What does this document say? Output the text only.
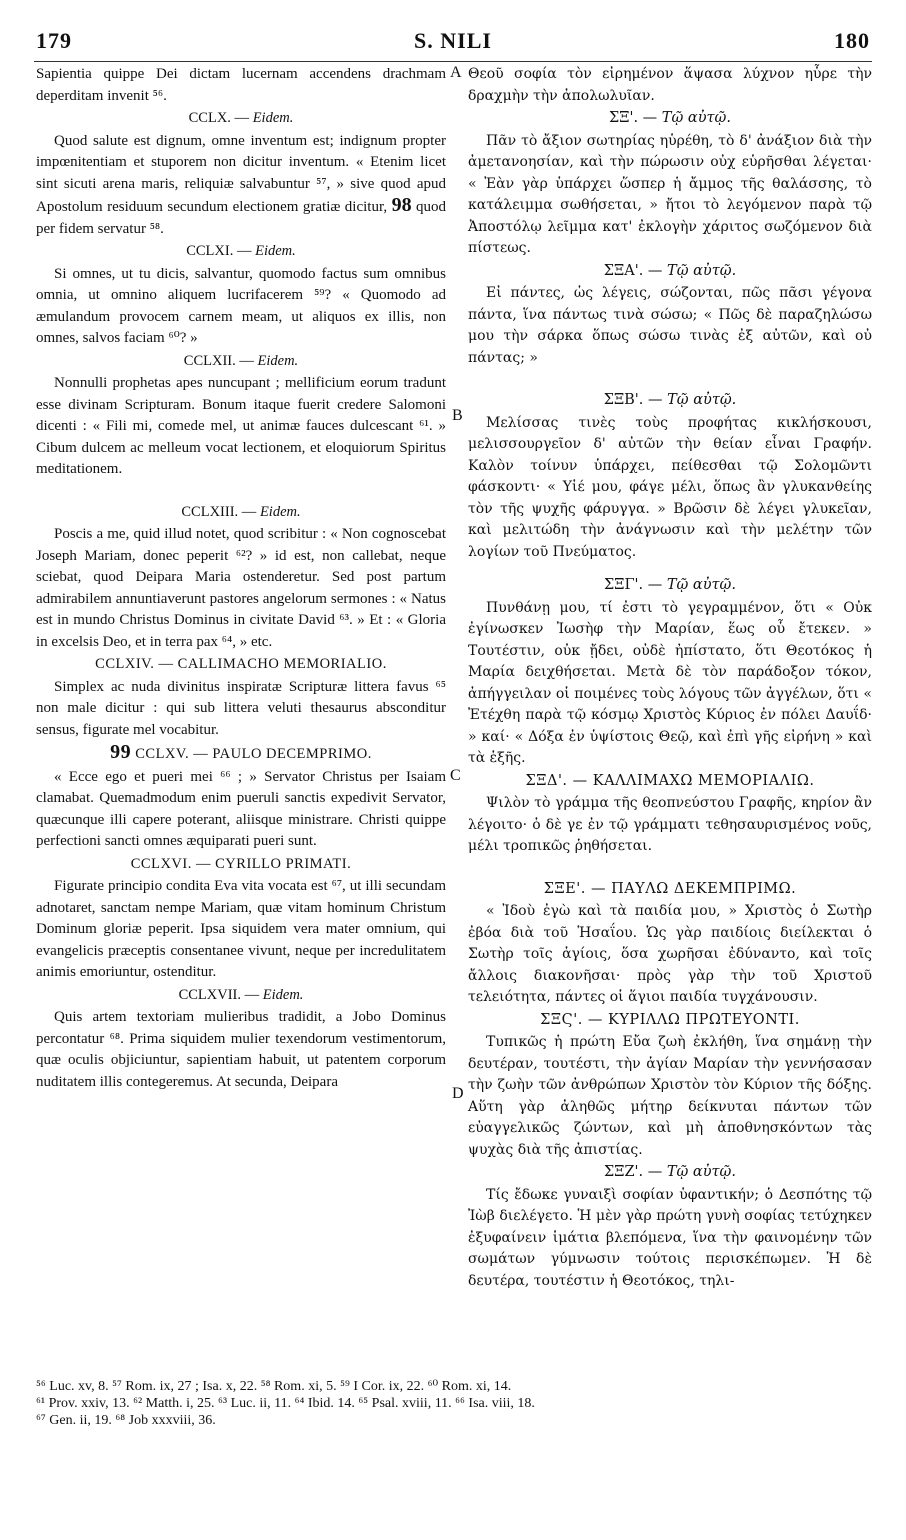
179	S. NILI	180

Sapientia quippe Dei dictam lucernam accendens drachmam deperditam invenit ⁵⁶.

CCLX. — Eidem.

Quod salute est dignum, omne inventum est; indignum propter impœnitentiam et stuporem non dicitur inventum. « Etenim licet sint sicuti arena maris, reliquiæ salvabuntur ⁵⁷, » sive quod apud Apostolum residuum secundum electionem gratiæ dicitur, 98 quod per fidem servatur ⁵⁸.

CCLXI. — Eidem.

Si omnes, ut tu dicis, salvantur, quomodo factus sum omnibus omnia, ut omnino aliquem lucrifacerem ⁵⁹? « Quomodo ad æmulandum provocem carnem meam, ut aliquos ex illis, non omnes, salvos faciam ⁶⁰? »

CCLXII. — Eidem.

Nonnulli prophetas apes nuncupant ; mellificium eorum tradunt esse divinam Scripturam. Bonum itaque fuerit credere Salomoni dicenti : « Fili mi, comede mel, ut animæ fauces dulcescant ⁶¹. » Cibum dulcem ac melleum vocat lectionem, et eloquiorum Spiritus meditationem.

CCLXIII. — Eidem.

Poscis a me, quid illud notet, quod scribitur : « Non cognoscebat Joseph Mariam, donec peperit ⁶²? » id est, non callebat, neque sciebat, quod Deipara Maria ostenderetur. Sed post partum admirabilem annuntiaverunt pastores angelorum sermones : « Natus est in mundo Christus Dominus in civitate David ⁶³. » Et : « Gloria in excelsis Deo, et in terra pax ⁶⁴, » etc.

CCLXIV. — CALLIMACHO MEMORIALIO.

Simplex ac nuda divinitus inspiratæ Scripturæ littera favus ⁶⁵ non male dicitur : qui sub littera veluti thesaurus absconditur sensus, figurate mel vocabitur.

99 CCLXV. — PAULO DECEMPRIMO.

« Ecce ego et pueri mei ⁶⁶ ; » Servator Christus per Isaiam clamabat. Quemadmodum enim pueruli sanctis expedivit Servator, quæcunque illi capere poterant, aliisque ministrare. Christi quippe perfectioni sancti omnes æquiparati pueri sunt.

CCLXVI. — CYRILLO PRIMATI.

Figurate principio condita Eva vita vocata est ⁶⁷, ut illi secundam adnotaret, sanctam nempe Mariam, quæ vitam hominum Christum Dominum gloriæ peperit. Ipsa siquidem vera mater omnium, qui evangelicis præceptis consentanee vivunt, neque per incredulitatem animis emoriuntur, ostenditur.

CCLXVII. — Eidem.

Quis artem textoriam mulieribus tradidit, a Jobo Dominus percontatur ⁶⁸. Prima siquidem mulier texendorum vestimentorum, quæ oculis objiciuntur, sapientiam habuit, ut patentem corporum nuditatem illis contegeremus. At secunda, Deipara

Θεοῦ σοφία τὸν εἰρημένον ἅψασα λύχνον ηὗρε τὴν δραχμὴν τὴν ἀπολωλυῖαν.

ΣΞ'. — Τῷ αὐτῷ.

Πᾶν τὸ ἄξιον σωτηρίας ηὑρέθη, τὸ δ' ἀνάξιον διὰ τὴν ἀμετανοησίαν, καὶ τὴν πώρωσιν οὐχ εὑρῆσθαι λέγεται· « Ἐὰν γὰρ ὑπάρχει ὥσπερ ἡ ἄμμος τῆς θαλάσσης, τὸ κατάλειμμα σωθήσεται, » ἤτοι τὸ λεγόμενον παρὰ τῷ Ἀποστόλῳ λεῖμμα κατ' ἐκλογὴν χάριτος σωζόμενον διὰ πίστεως.

ΣΞΑ'. — Τῷ αὐτῷ.

Εἰ πάντες, ὡς λέγεις, σώζονται, πῶς πᾶσι γέγονα πάντα, ἵνα πάντως τινὰ σώσω; « Πῶς δὲ παραζηλώσω μου τὴν σάρκα ὅπως σώσω τινὰς ἐξ αὐτῶν, καὶ οὐ πάντας; »

ΣΞΒ'. — Τῷ αὐτῷ.

Μελίσσας τινὲς τοὺς προφήτας κικλήσκουσι, μελισσουργεῖον δ' αὐτῶν τὴν θείαν εἶναι Γραφήν. Καλὸν τοίνυν ὑπάρχει, πείθεσθαι τῷ Σολομῶντι φάσκοντι· « Υἱέ μου, φάγε μέλι, ὅπως ἂν γλυκανθείης τὸν τῆς ψυχῆς φάρυγγα. » Βρῶσιν δὲ λέγει γλυκεῖαν, καὶ μελιτώδη τὴν ἀνάγνωσιν καὶ τὴν μελέτην τῶν λογίων τοῦ Πνεύματος.

ΣΞΓ'. — Τῷ αὐτῷ.

Πυνθάνῃ μου, τί ἐστι τὸ γεγραμμένον, ὅτι « Οὐκ ἐγίνωσκεν Ἰωσὴφ τὴν Μαρίαν, ἕως οὗ ἔτεκεν. » Τουτέστιν, οὐκ ᾔδει, οὐδὲ ἠπίστατο, ὅτι Θεοτόκος ἡ Μαρία δειχθήσεται. Μετὰ δὲ τὸν παράδοξον τόκον, ἀπήγγειλαν οἱ ποιμένες τοὺς λόγους τῶν ἀγγέλων, ὅτι « Ἐτέχθη παρὰ τῷ κόσμῳ Χριστὸς Κύριος ἐν πόλει Δαυΐδ· » καί· « Δόξα ἐν ὑψίστοις Θεῷ, καὶ ἐπὶ γῆς εἰρήνη » καὶ τὰ ἑξῆς.

ΣΞΔ'. — ΚΑΛΛΙΜΑΧΩ ΜΕΜΟΡΙΑΛΙΩ.

Ψιλὸν τὸ γράμμα τῆς θεοπνεύστου Γραφῆς, κηρίον ἂν λέγοιτο· ὁ δὲ γε ἐν τῷ γράμματι τεθησαυρισμένος νοῦς, μέλι τροπικῶς ῥηθήσεται.

ΣΞΕ'. — ΠΑΥΛΩ ΔΕΚΕΜΠΡΙΜΩ.

« Ἰδοὺ ἐγὼ καὶ τὰ παιδία μου, » Χριστὸς ὁ Σωτὴρ ἐβόα διὰ τοῦ Ἡσαΐου. Ὡς γὰρ παιδίοις διείλεκται ὁ Σωτὴρ τοῖς ἁγίοις, ὅσα χωρῆσαι ἐδύναντο, καὶ τοῖς ἄλλοις διακονῆσαι· πρὸς γὰρ τὴν τοῦ Χριστοῦ τελειότητα, πάντες οἱ ἅγιοι παιδία τυγχάνουσιν.

ΣΞϚ'. — ΚΥΡΙΛΛΩ ΠΡΩΤΕΥΟΝΤΙ.

Τυπικῶς ἡ πρώτη Εὔα ζωὴ ἐκλήθη, ἵνα σημάνῃ τὴν δευτέραν, τουτέστι, τὴν ἁγίαν Μαρίαν τὴν γεννήσασαν τὴν ζωὴν τῶν ἀνθρώπων Χριστὸν τὸν Κύριον τῆς δόξης. Αὕτη γὰρ ἀληθῶς μήτηρ δείκνυται πάντων τῶν εὐαγγελικῶς ζώντων, καὶ μὴ ἀποθνησκόντων τὰς ψυχὰς διὰ τῆς ἀπιστίας.

ΣΞΖ'. — Τῷ αὐτῷ.

Τίς ἔδωκε γυναιξὶ σοφίαν ὑφαντικήν; ὁ Δεσπότης τῷ Ἰὼβ διελέγετο. Ἡ μὲν γὰρ πρώτη γυνὴ σοφίας τετύχηκεν ἐξυφαίνειν ἱμάτια βλεπόμενα, ἵνα τὴν φαινομένην τῶν σωμάτων γύμνωσιν τούτοις περισκέπωμεν. Ἡ δὲ δευτέρα, τουτέστιν ἡ Θεοτόκος, τηλι-

A
B
C
D
⁵⁶ Luc. xv, 8. ⁵⁷ Rom. ix, 27 ; Isa. x, 22. ⁵⁸ Rom. xi, 5. ⁵⁹ I Cor. ix, 22. ⁶⁰ Rom. xi, 14.
⁶¹ Prov. xxiv, 13. ⁶² Matth. i, 25. ⁶³ Luc. ii, 11. ⁶⁴ Ibid. 14. ⁶⁵ Psal. xviii, 11. ⁶⁶ Isa. viii, 18.
⁶⁷ Gen. ii, 19. ⁶⁸ Job xxxviii, 36.
